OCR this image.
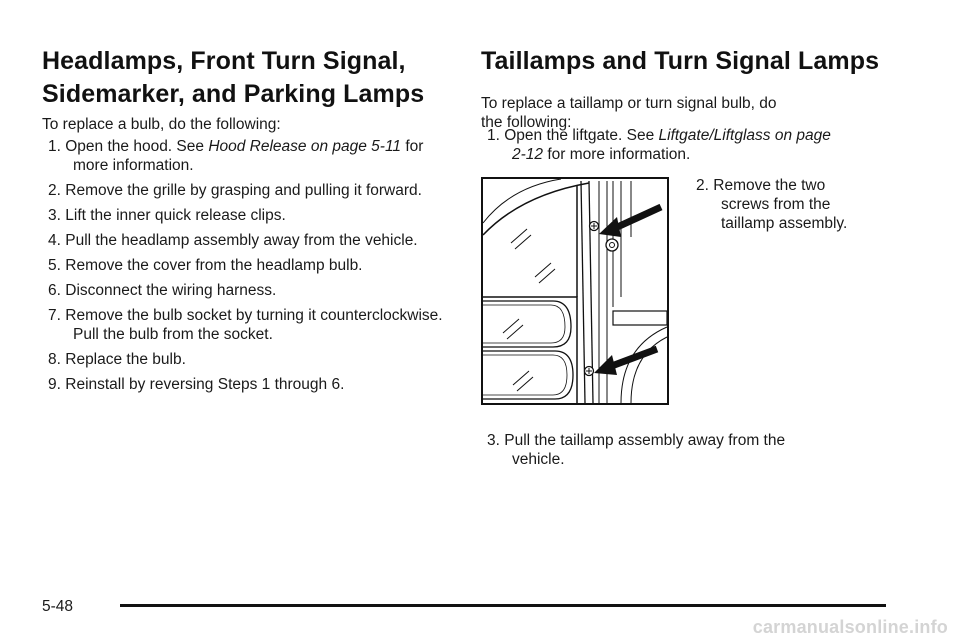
Headlamps, Front Turn Signal, Sidemarker, and Parking Lamps

To replace a bulb, do the following:

1. Open the hood. See Hood Release on page 5-11 for more information.
2. Remove the grille by grasping and pulling it forward.
3. Lift the inner quick release clips.
4. Pull the headlamp assembly away from the vehicle.
5. Remove the cover from the headlamp bulb.
6. Disconnect the wiring harness.
7. Remove the bulb socket by turning it counterclockwise. Pull the bulb from the socket.
8. Replace the bulb.
9. Reinstall by reversing Steps 1 through 6.
Taillamps and Turn Signal Lamps

To replace a taillamp or turn signal bulb, do the following:

1. Open the liftgate. See Liftgate/Liftglass on page 2-12 for more information.
2. Remove the two screws from the taillamp assembly.
3. Pull the taillamp assembly away from the vehicle.
5-48
carmanualsonline.info
